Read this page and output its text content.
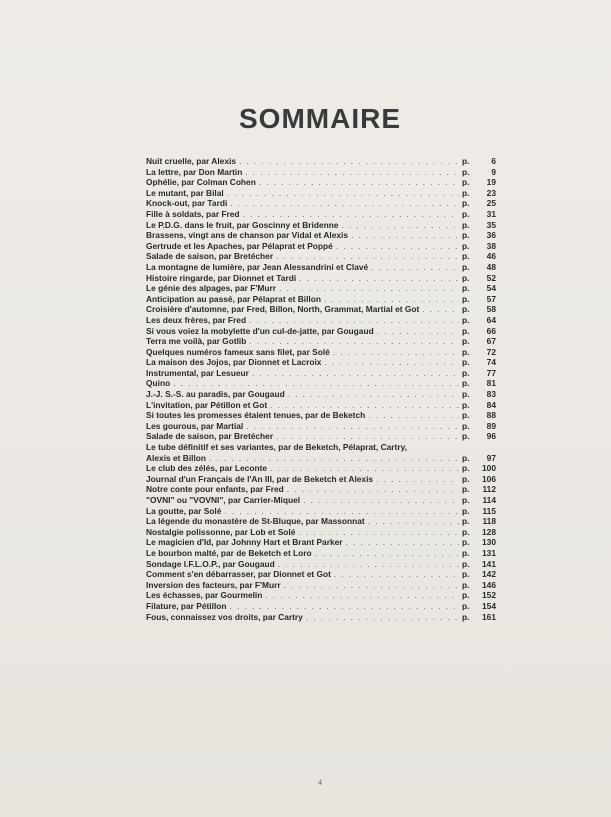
SOMMAIRE
Nuit cruelle, par Alexis . . .	p.	6
La lettre, par Don Martin . . .	p.	9
Ophélie, par Colman Cohen . . .	p. 19
Le mutant, par Bilal . . .	p. 23
Knock-out, par Tardi . . .	p. 25
Fille à soldats, par Fred . . .	p. 31
Le P.D.G. dans le fruit, par Goscinny et Bridenne . . .	p. 35
Brassens, vingt ans de chanson par Vidal et Alexis . . .	p. 36
Gertrude et les Apaches, par Pélaprat et Poppé . . .	p. 38
Salade de saison, par Bretécher . . .	p. 46
La montagne de lumière, par Jean Alessandrini et Clavé . . .	p. 48
Histoire ringarde, par Dionnet et Tardi . . .	p. 52
Le génie des alpages, par F'Murr . . .	p. 54
Anticipation au passé, par Pélaprat et Billon . . .	p. 57
Croisière d'automne, par Fred, Billon, North, Grammat, Martial et Got . . .	p. 58
Les deux frères, par Fred . . .	p. 64
Si vous voiez la mobylette d'un cul-de-jatte, par Gougaud . . .	p. 66
Terra me voilà, par Gotlib . . .	p. 67
Quelques numéros fameux sans filet, par Solé . . .	p. 72
La maison des Jojos, par Dionnet et Lacroix . . .	p. 74
Instrumental, par Lesueur . . .	p. 77
Quino . . .	p. 81
J.-J. S.-S. au paradis, par Gougaud . . .	p. 83
L'invitation, par Pétillon et Got . . .	p. 84
Si toutes les promesses étaient tenues, par de Beketch . . .	p. 88
Les gourous, par Martial . . .	p. 89
Salade de saison, par Bretécher . . .	p. 96
Le tube définitif et ses variantes, par de Beketch, Pélaprat, Cartry,
Alexis et Billon . . .	p. 97
Le club des zélés, par Leconte . . .	p. 100
Journal d'un Français de l'An III, par de Beketch et Alexis . . .	p. 106
Notre conte pour enfants, par Fred . . .	p. 112
"OVNI" ou "VOVNI", par Carrier-Miquel . . .	p. 114
La goutte, par Solé . . .	p. 115
La légende du monastère de St-Bluque, par Massonnat . . .	p. 118
Nostalgie polissonne, par Lob et Solé . . .	p. 128
Le magicien d'Id, par Johnny Hart et Brant Parker . . .	p. 130
Le bourbon malté, par de Beketch et Loro . . .	p. 131
Sondage I.F.L.O.P., par Gougaud . . .	p. 141
Comment s'en débarrasser, par Dionnet et Got . . .	p. 142
Inversion des facteurs, par F'Murr . . .	p. 146
Les échasses, par Gourmelin . . .	p. 152
Filature, par Pétillon . . .	p. 154
Fous, connaissez vos droits, par Cartry . . .	p. 161
4
